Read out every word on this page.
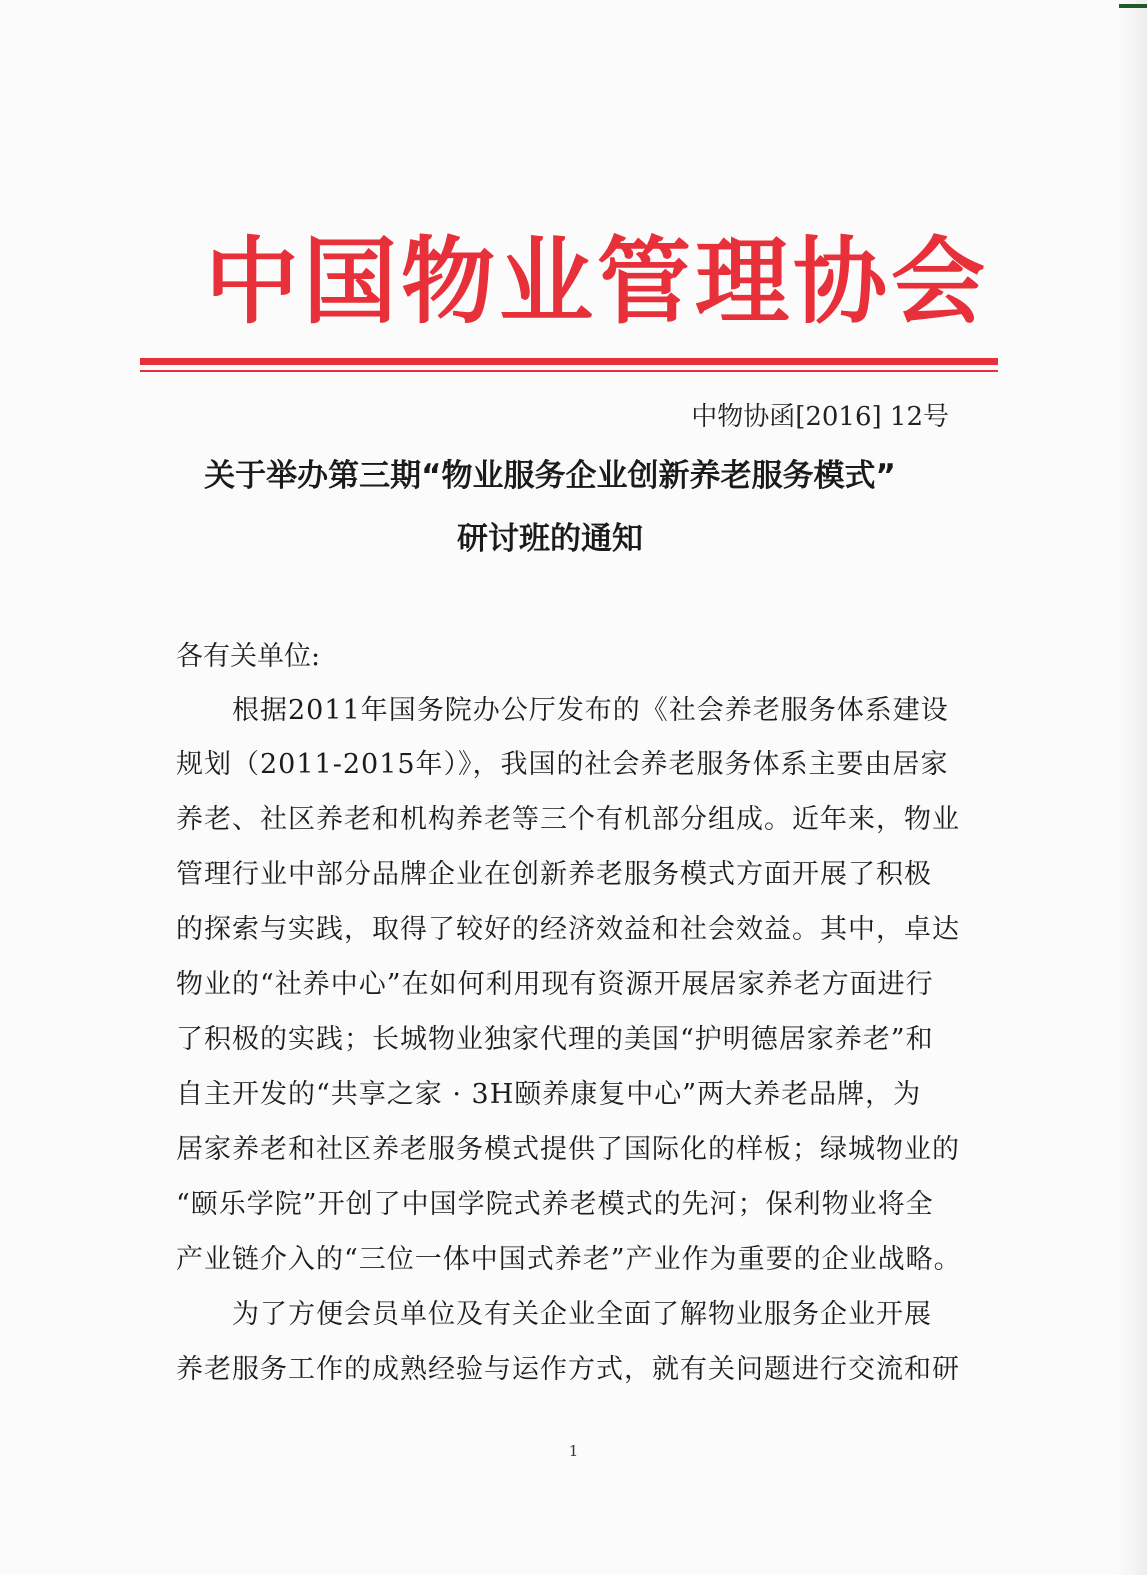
中国物业管理协会
中物协函[2016] 12号
关于举办第三期“物业服务企业创新养老服务模式”
研讨班的通知
各有关单位:
根据2011年国务院办公厅发布的《社会养老服务体系建设
规划（2011-2015年）》，我国的社会养老服务体系主要由居家
养老、社区养老和机构养老等三个有机部分组成。近年来，物业
管理行业中部分品牌企业在创新养老服务模式方面开展了积极
的探索与实践，取得了较好的经济效益和社会效益。其中，卓达
物业的“社养中心”在如何利用现有资源开展居家养老方面进行
了积极的实践；长城物业独家代理的美国“护明德居家养老”和
自主开发的“共享之家 · 3H颐养康复中心”两大养老品牌，为
居家养老和社区养老服务模式提供了国际化的样板；绿城物业的
“颐乐学院”开创了中国学院式养老模式的先河；保利物业将全
产业链介入的“三位一体中国式养老”产业作为重要的企业战略。
为了方便会员单位及有关企业全面了解物业服务企业开展
养老服务工作的成熟经验与运作方式，就有关问题进行交流和研
1
